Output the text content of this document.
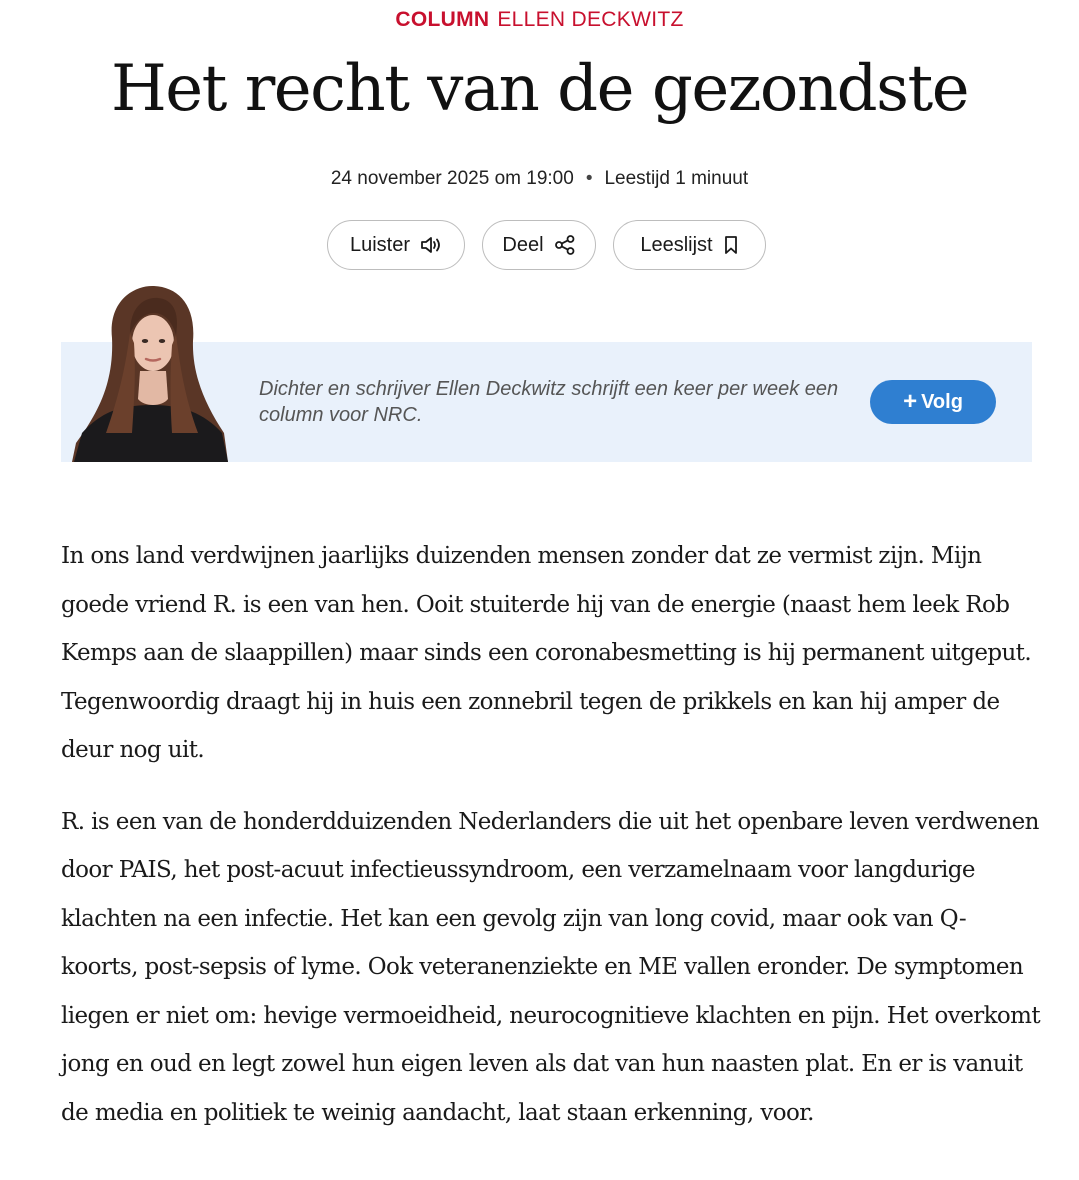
COLUMN ELLEN DECKWITZ
Het recht van de gezondste
24 november 2025 om 19:00 • Leestijd 1 minuut
Luister	Deel	Leeslijst
Dichter en schrijver Ellen Deckwitz schrijft een keer per week een column voor NRC.	+ Volg

In ons land verdwijnen jaarlijks duizenden mensen zonder dat ze vermist zijn. Mijn goede vriend R. is een van hen. Ooit stuiterde hij van de energie (naast hem leek Rob Kemps aan de slaappillen) maar sinds een coronabesmetting is hij permanent uitgeput. Tegenwoordig draagt hij in huis een zonnebril tegen de prikkels en kan hij amper de deur nog uit.

R. is een van de honderdduizenden Nederlanders die uit het openbare leven verdwenen door PAIS, het post-acuut infectieussyndroom, een verzamelnaam voor langdurige klachten na een infectie. Het kan een gevolg zijn van long covid, maar ook van Q-koorts, post-sepsis of lyme. Ook veteranenziekte en ME vallen eronder. De symptomen liegen er niet om: hevige vermoeidheid, neurocognitieve klachten en pijn. Het overkomt jong en oud en legt zowel hun eigen leven als dat van hun naasten plat. En er is vanuit de media en politiek te weinig aandacht, laat staan erkenning, voor.
